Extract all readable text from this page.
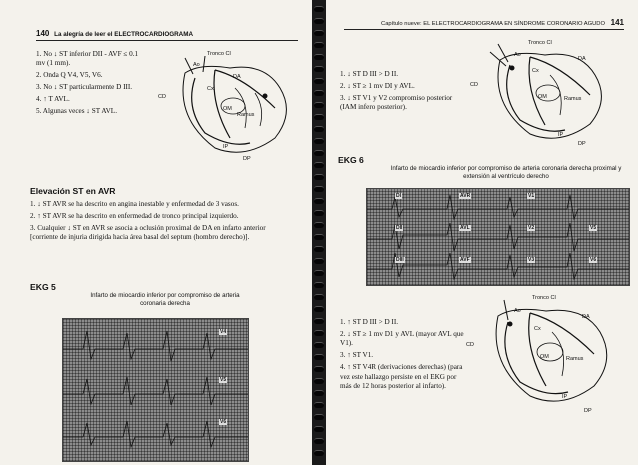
140 La alegría de leer el ELECTROCARDIOGRAMA
1. No ↓ ST inferior DII - AVF ≤ 0.1 mv (1 mm).
2. Onda Q V4, V5, V6.
3. No ↓ ST particularmente D III.
4. ↑ T AVL.
5. Algunas veces ↓ ST AVL.
Tronco CI
Ao
DA
Cx
CD
OM
Ramus
IP
DP
Elevación ST en AVR
1. ↓ ST AVR se ha descrito en angina inestable y enfermedad de 3 vasos.
2. ↑ ST AVR se ha descrito en enfermedad de tronco principal izquierdo.
3. Cualquier ↓ ST en AVR se asocia a oclusión proximal de DA en infarto anterior [corriente de injuria dirigida hacia área basal del septum (hombro derecho)].
EKG 5
Infarto de miocardio inferior por compromiso de arteria coronaria derecha
V4
V5
V6
Capítulo nueve: EL ELECTROCARDIOGRAMA EN SÍNDROME CORONARIO AGUDO 141
1. ↓ ST D III > D II.
2. ↓ ST ≥ 1 mv DI y AVL.
3. ↓ ST V1 y V2 compromiso posterior (IAM infero posterior).
Tronco CI
Ao
DA
Cx
CD
OM	Ramus
IP
DP
EKG 6
Infarto de miocardio inferior por compromiso de arteria coronaria derecha proximal y extensión al ventrículo derecho
DI	AVR	V1
DII	AVL	V2	V5
DIII	AVF	V3	V6
1. ↑ ST D III > D II.
2. ↓ ST ≥ 1 mv D1 y AVL (mayor AVL que V1).
3. ↑ ST V1.
4. ↑ ST V4R (derivaciones derechas) (para vez este hallazgo persiste en el EKG por más de 12 horas posterior al infarto).
Tronco CI
Ao
DA
Cx
CD
OM	Ramus
IP
DP
